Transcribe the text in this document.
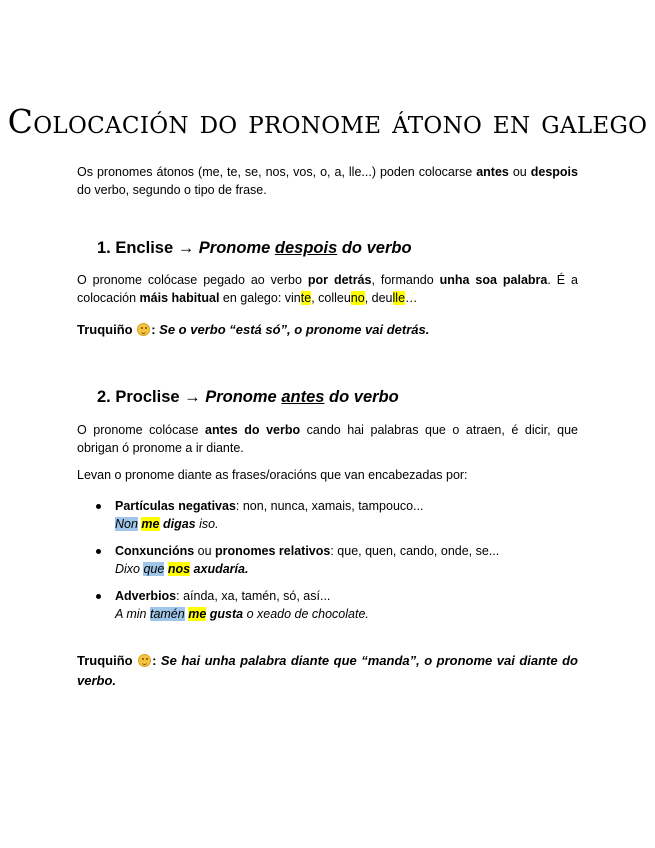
Colocación do pronome átono en galego
Os pronomes átonos (me, te, se, nos, vos, o, a, lle...) poden colocarse antes ou despois do verbo, segundo o tipo de frase.
1. Enclise → Pronome despois do verbo
O pronome colócase pegado ao verbo por detrás, formando unha soa palabra. É a colocación máis habitual en galego: vinte, colleuno, deulle…
Truquiño : Se o verbo “está só”, o pronome vai detrás.
2. Proclise → Pronome antes do verbo
O pronome colócase antes do verbo cando hai palabras que o atraen, é dicir, que obrigan ó pronome a ir diante.
Levan o pronome diante as frases/oracións que van encabezadas por:
Partículas negativas: non, nunca, xamais, tampouco...
Non me digas iso.
Conxuncións ou pronomes relativos: que, quen, cando, onde, se...
Dixo que nos axudaría.
Adverbios: aínda, xa, tamén, só, así...
A min tamén me gusta o xeado de chocolate.
Truquiño : Se hai unha palabra diante que “manda”, o pronome vai diante do verbo.
